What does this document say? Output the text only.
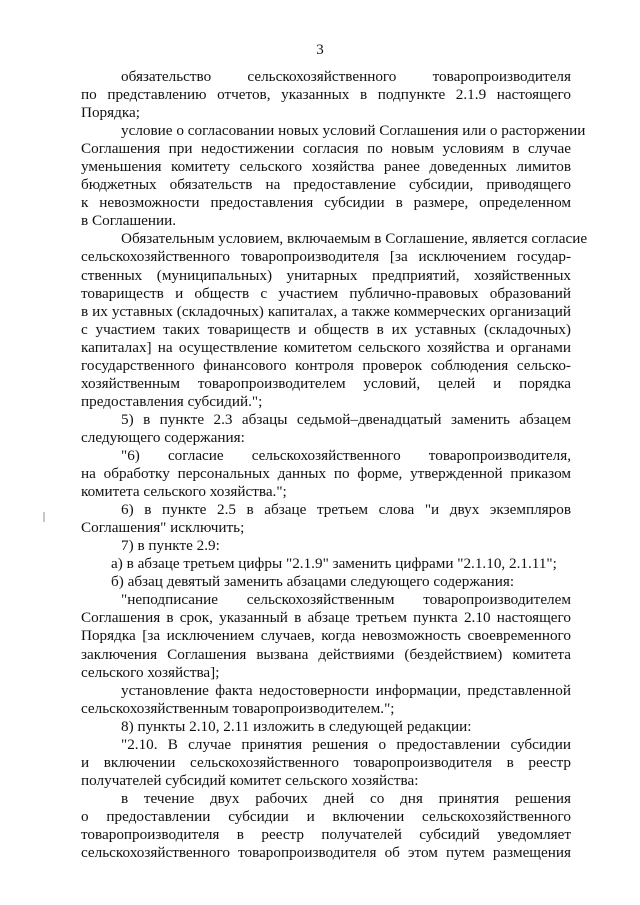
3
обязательство сельскохозяйственного товаропроизводителя
по представлению отчетов, указанных в подпункте 2.1.9 настоящего
Порядка;
условие о согласовании новых условий Соглашения или о расторжении
Соглашения при недостижении согласия по новым условиям в случае
уменьшения комитету сельского хозяйства ранее доведенных лимитов
бюджетных обязательств на предоставление субсидии, приводящего
к невозможности предоставления субсидии в размере, определенном
в Соглашении.
Обязательным условием, включаемым в Соглашение, является согласие
сельскохозяйственного товаропроизводителя [за исключением государ-
ственных (муниципальных) унитарных предприятий, хозяйственных
товариществ и обществ с участием публично-правовых образований
в их уставных (складочных) капиталах, а также коммерческих организаций
с участием таких товариществ и обществ в их уставных (складочных)
капиталах] на осуществление комитетом сельского хозяйства и органами
государственного финансового контроля проверок соблюдения сельско-
хозяйственным товаропроизводителем условий, целей и порядка
предоставления субсидий.";
5) в пункте 2.3 абзацы седьмой–двенадцатый заменить абзацем
следующего содержания:
"6) согласие сельскохозяйственного товаропроизводителя,
на обработку персональных данных по форме, утвержденной приказом
комитета сельского хозяйства.";
6) в пункте 2.5 в абзаце третьем слова "и двух экземпляров
Соглашения" исключить;
7) в пункте 2.9:
а) в абзаце третьем цифры "2.1.9" заменить цифрами "2.1.10, 2.1.11";
б) абзац девятый заменить абзацами следующего содержания:
"неподписание сельскохозяйственным товаропроизводителем
Соглашения в срок, указанный в абзаце третьем пункта 2.10 настоящего
Порядка [за исключением случаев, когда невозможность своевременного
заключения Соглашения вызвана действиями (бездействием) комитета
сельского хозяйства];
установление факта недостоверности информации, представленной
сельскохозяйственным товаропроизводителем.";
8) пункты 2.10, 2.11 изложить в следующей редакции:
"2.10. В случае принятия решения о предоставлении субсидии
и включении сельскохозяйственного товаропроизводителя в реестр
получателей субсидий комитет сельского хозяйства:
в течение двух рабочих дней со дня принятия решения
о предоставлении субсидии и включении сельскохозяйственного
товаропроизводителя в реестр получателей субсидий уведомляет
сельскохозяйственного товаропроизводителя об этом путем размещения
